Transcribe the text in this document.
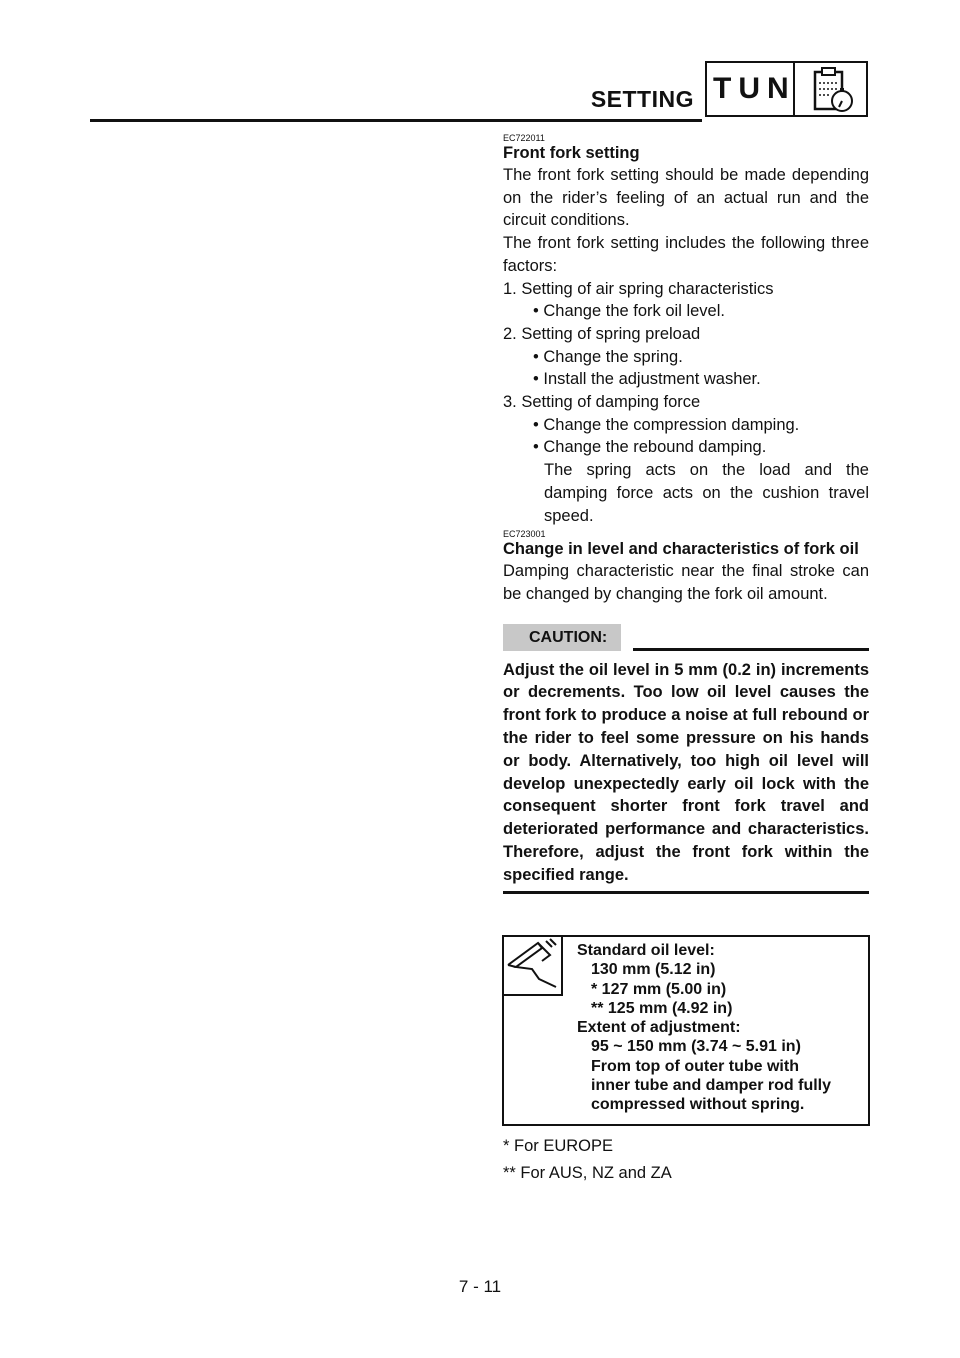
SETTING TUN
EC722011
Front fork setting
The front fork setting should be made depending on the rider’s feeling of an actual run and the circuit conditions.
The front fork setting includes the following three factors:
1. Setting of air spring characteristics
• Change the fork oil level.
2. Setting of spring preload
• Change the spring.
• Install the adjustment washer.
3. Setting of damping force
• Change the compression damping.
• Change the rebound damping.
The spring acts on the load and the damping force acts on the cushion travel speed.
EC723001
Change in level and characteristics of fork oil
Damping characteristic near the final stroke can be changed by changing the fork oil amount.
CAUTION:
Adjust the oil level in 5 mm (0.2 in) increments or decrements. Too low oil level causes the front fork to produce a noise at full rebound or the rider to feel some pressure on his hands or body. Alternatively, too high oil level will develop unexpectedly early oil lock with the consequent shorter front fork travel and deteriorated performance and characteristics. Therefore, adjust the front fork within the specified range.
Standard oil level:
130 mm (5.12 in)
* 127 mm (5.00 in)
** 125 mm (4.92 in)
Extent of adjustment:
95 ~ 150 mm (3.74 ~ 5.91 in)
From top of outer tube with
inner tube and damper rod fully
compressed without spring.
* For EUROPE
** For AUS, NZ and ZA
7 - 11
